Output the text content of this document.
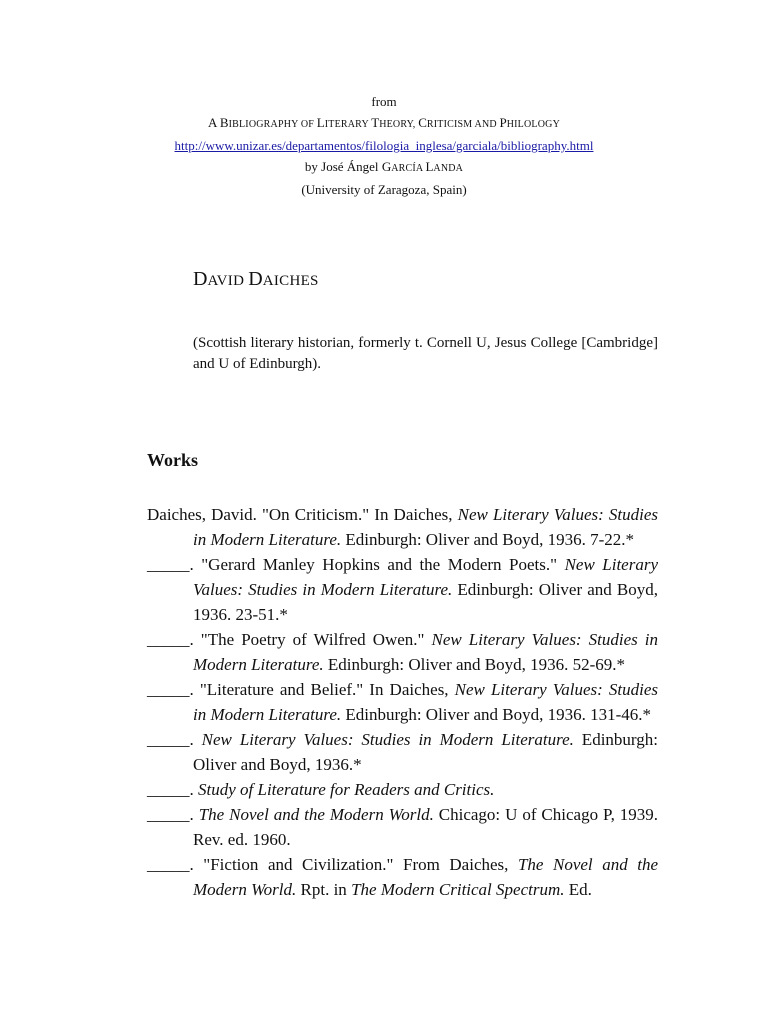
from
A BIBLIOGRAPHY OF LITERARY THEORY, CRITICISM AND PHILOLOGY
http://www.unizar.es/departamentos/filologia_inglesa/garciala/bibliography.html
by José Ángel GARCÍA LANDA
(University of Zaragoza, Spain)
DAVID DAICHES
(Scottish literary historian, formerly t. Cornell U, Jesus College [Cambridge] and U of Edinburgh).
Works

Daiches, David. "On Criticism." In Daiches, New Literary Values: Studies in Modern Literature. Edinburgh: Oliver and Boyd, 1936. 7-22.*

_____. "Gerard Manley Hopkins and the Modern Poets." New Literary Values: Studies in Modern Literature. Edinburgh: Oliver and Boyd, 1936. 23-51.*

_____. "The Poetry of Wilfred Owen." New Literary Values: Studies in Modern Literature. Edinburgh: Oliver and Boyd, 1936. 52-69.*

_____. "Literature and Belief." In Daiches, New Literary Values: Studies in Modern Literature. Edinburgh: Oliver and Boyd, 1936. 131-46.*

_____. New Literary Values: Studies in Modern Literature. Edinburgh: Oliver and Boyd, 1936.*

_____. Study of Literature for Readers and Critics.

_____. The Novel and the Modern World. Chicago: U of Chicago P, 1939. Rev. ed. 1960.

_____. "Fiction and Civilization." From Daiches, The Novel and the Modern World. Rpt. in The Modern Critical Spectrum. Ed.
